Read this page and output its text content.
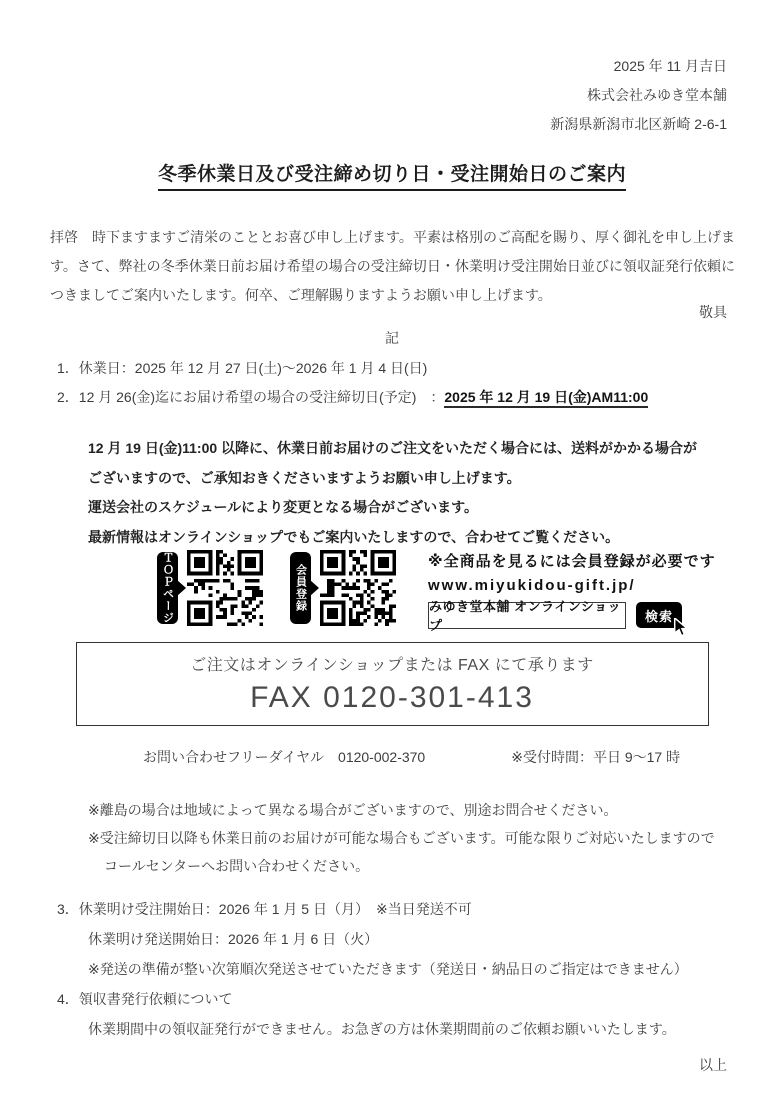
2025 年 11 月吉日
株式会社みゆき堂本舗
新潟県新潟市北区新崎 2-6-1
冬季休業日及び受注締め切り日・受注開始日のご案内
拝啓　時下ますますご清栄のこととお喜び申し上げます。平素は格別のご高配を賜り、厚く御礼を申し上げます。さて、弊社の冬季休業日前お届け希望の場合の受注締切日・休業明け受注開始日並びに領収証発行依頼につきましてご案内いたします。何卒、ご理解賜りますようお願い申し上げます。
敬具
記
1．休業日：2025 年 12 月 27 日(土)～2026 年 1 月 4 日(日)
2．12 月 26(金)迄にお届け希望の場合の受注締切日(予定)　：2025 年 12 月 19 日(金)AM11:00
12 月 19 日(金)11:00 以降に、休業日前お届けのご注文をいただく場合には、送料がかかる場合が
ございますので、ご承知おきくださいますようお願い申し上げます。
運送会社のスケジュールにより変更となる場合がございます。
最新情報はオンラインショップでもご案内いたしますので、合わせてご覧ください。
ＴＯＰページ	会員登録
※全商品を見るには会員登録が必要です
www.miyukidou-gift.jp/
みゆき堂本舗 オンラインショップ
検索
ご注文はオンラインショップまたは FAX にて承ります
FAX 0120-301-413
お問い合わせフリーダイヤル 0120-002-370	※受付時間：平日 9～17 時
※離島の場合は地域によって異なる場合がございますので、別途お問合せください。
※受注締切日以降も休業日前のお届けが可能な場合もございます。可能な限りご対応いたしますので
コールセンターへお問い合わせください。
3．休業明け受注開始日：2026 年 1 月 5 日（月）　※当日発送不可
休業明け発送開始日：2026 年 1 月 6 日（火）
※発送の準備が整い次第順次発送させていただきます（発送日・納品日のご指定はできません）
4．領収書発行依頼について
休業期間中の領収証発行ができません。お急ぎの方は休業期間前のご依頼お願いいたします。
以上
